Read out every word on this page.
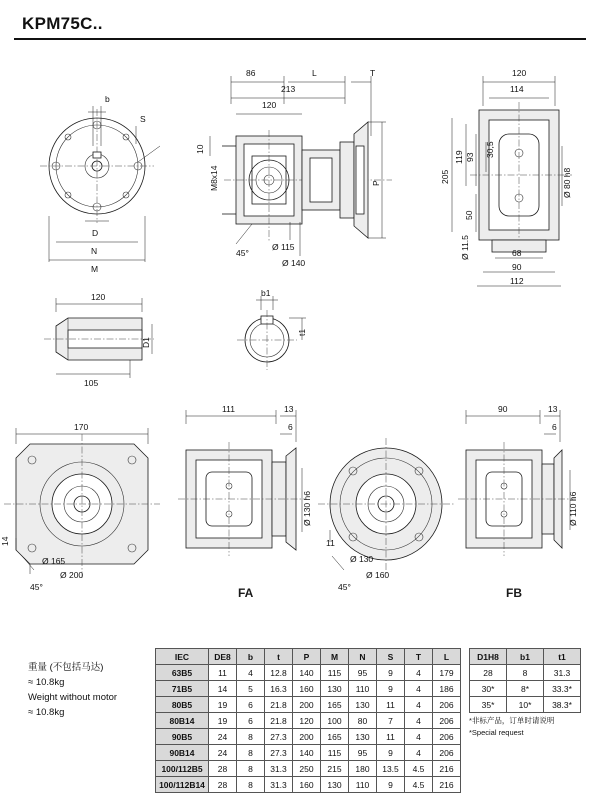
KPM75C..
b
S
D
N
M
86
213
L	T
120
M8x14
10
P
45°
Ø 115
Ø 140
120
114
205
119 93 30,5
50
Ø 11.5
Ø 80 h8
68
90
112
120
D1
105
b1
t1
170
14
Ø 165
Ø 200
45°
111	13
6
Ø 130 h6
11
Ø 130
Ø 160
45°
90	13
6
Ø 110 h6
FA	FB
重量 (不包括马达)
≈ 10.8kg
Weight without motor
≈ 10.8kg
IEC	DE8	b	t	P	M	N	S	T	L
63B5	11	4	12.8	140	115	95	9	4	179
71B5	14	5	16.3	160	130	110	9	4	186
80B5	19	6	21.8	200	165	130	11	4	206
80B14	19	6	21.8	120	100	80	7	4	206
90B5	24	8	27.3	200	165	130	11	4	206
90B14	24	8	27.3	140	115	95	9	4	206
100/112B5	28	8	31.3	250	215	180	13.5	4.5	216
100/112B14	28	8	31.3	160	130	110	9	4.5	216
D1H8	b1	t1
28	8	31.3
30*	8*	33.3*
35*	10*	38.3*
*非标产品，订单时请说明
*Special request
